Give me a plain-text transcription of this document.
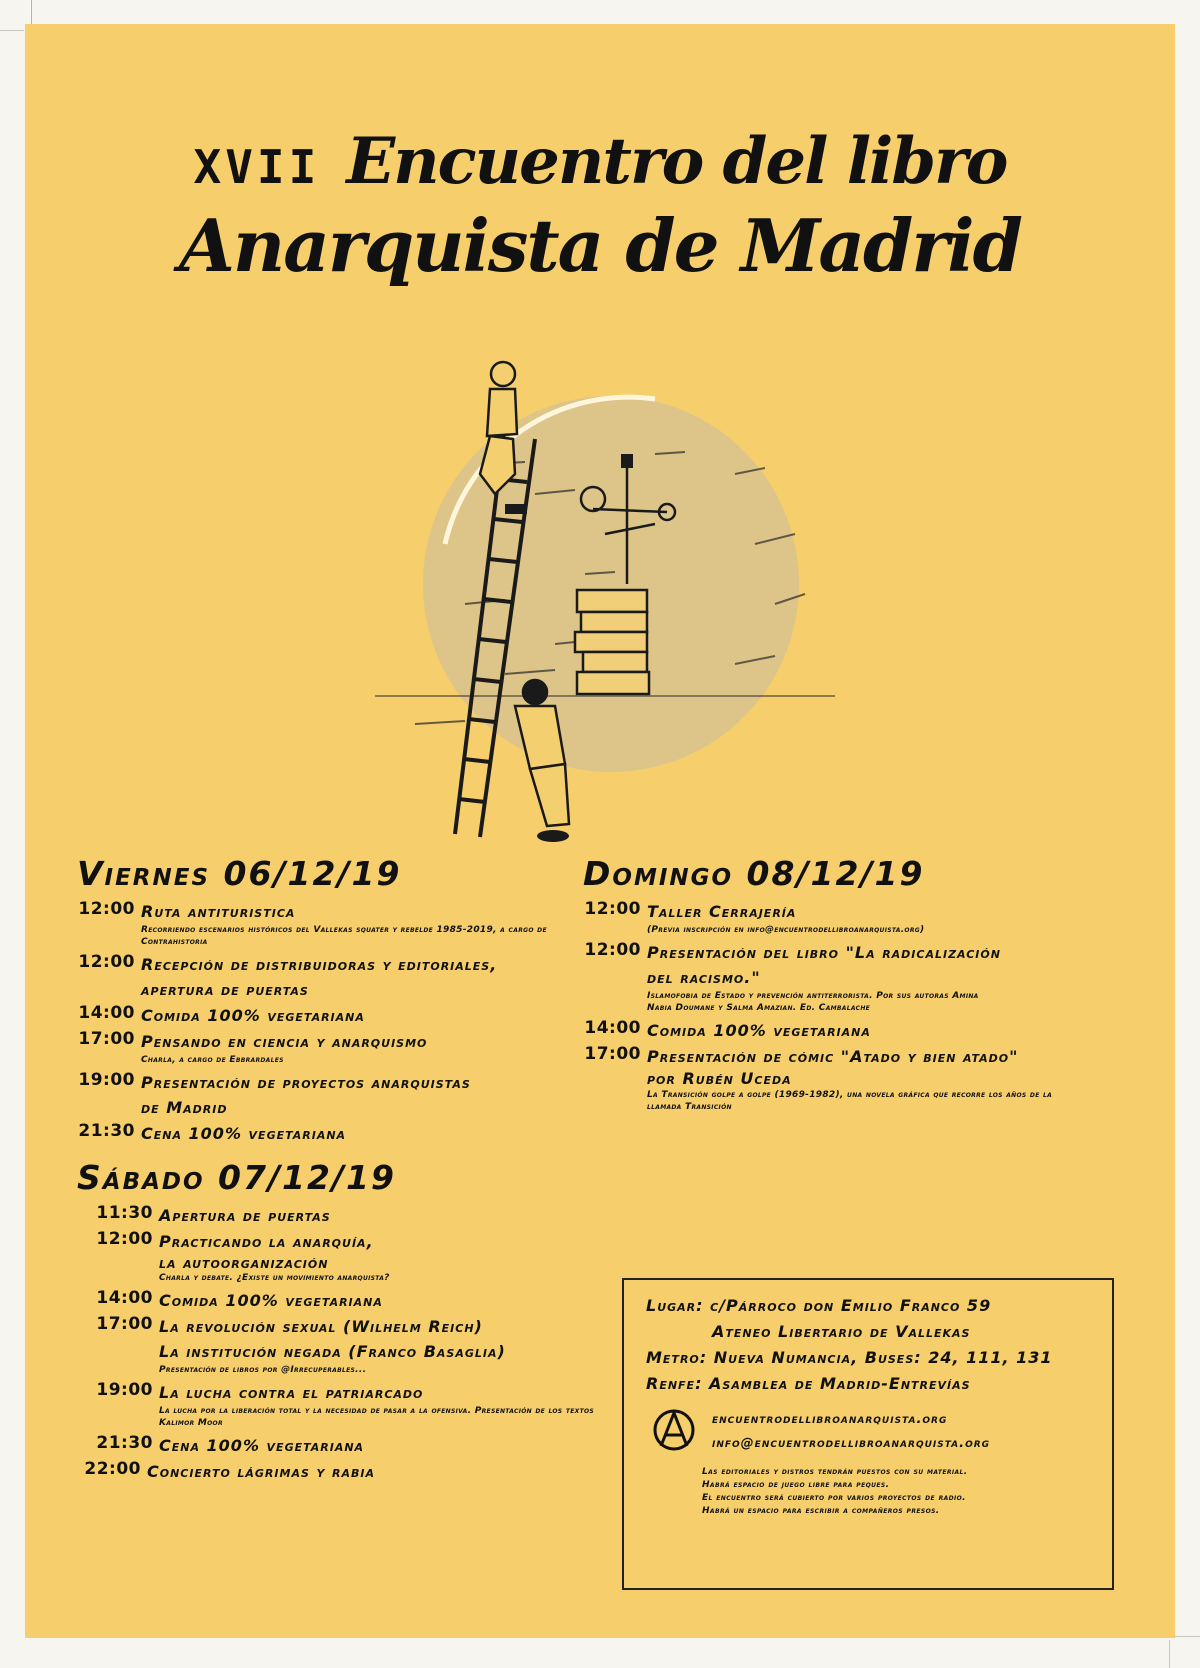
XVII Encuentro del libro
Anarquista de Madrid
Viernes 06/12/19
12:00 Ruta antituristica
Recorriendo escenarios históricos del Vallekas squater y rebelde 1985-2019, a cargo de Contrahistoria
12:00 Recepción de distribuidoras y editoriales,
apertura de puertas
14:00 Comida 100% vegetariana
17:00 Pensando en ciencia y anarquismo
Charla, a cargo de Ebbrardales
19:00 Presentación de proyectos anarquistas
de Madrid
21:30 Cena 100% vegetariana
Sábado 07/12/19
11:30 Apertura de puertas
12:00 Practicando la anarquía,
la autoorganización
Charla y debate. ¿Existe un movimiento anarquista?
14:00 Comida 100% vegetariana
17:00 La revolución sexual (Wilhelm Reich)
La institución negada (Franco Basaglia)
Presentación de libros por @Irrecuperables...
19:00 La lucha contra el patriarcado
La lucha por la liberación total y la necesidad de pasar a la ofensiva. Presentación de los textos Kalimor Moor
21:30 Cena 100% vegetariana
22:00 Concierto lágrimas y rabia
Domingo 08/12/19
12:00 Taller Cerrajería
(Previa inscripción en info@encuentrodellibroanarquista.org)
12:00 Presentación del libro "La radicalización
del racismo."
Islamofobia de Estado y prevención antiterrorista. Por sus autoras Amina Nabia Doumane y Salma Amazian. Ed. Cambalache
14:00 Comida 100% vegetariana
17:00 Presentación de cómic "Atado y bien atado"
por Rubén Uceda
La Transición golpe a golpe (1969-1982), una novela gráfica que recorre los años de la llamada Transición
Lugar: c/Párroco don Emilio Franco 59
Ateneo Libertario de Vallekas
Metro: Nueva Numancia, Buses: 24, 111, 131
Renfe: Asamblea de Madrid-Entrevías
encuentrodellibroanarquista.org
info@encuentrodellibroanarquista.org
Las editoriales y distros tendrán puestos con su material.
Habrá espacio de juego libre para peques.
El encuentro será cubierto por varios proyectos de radio.
Habrá un espacio para escribir a compañeros presos.
